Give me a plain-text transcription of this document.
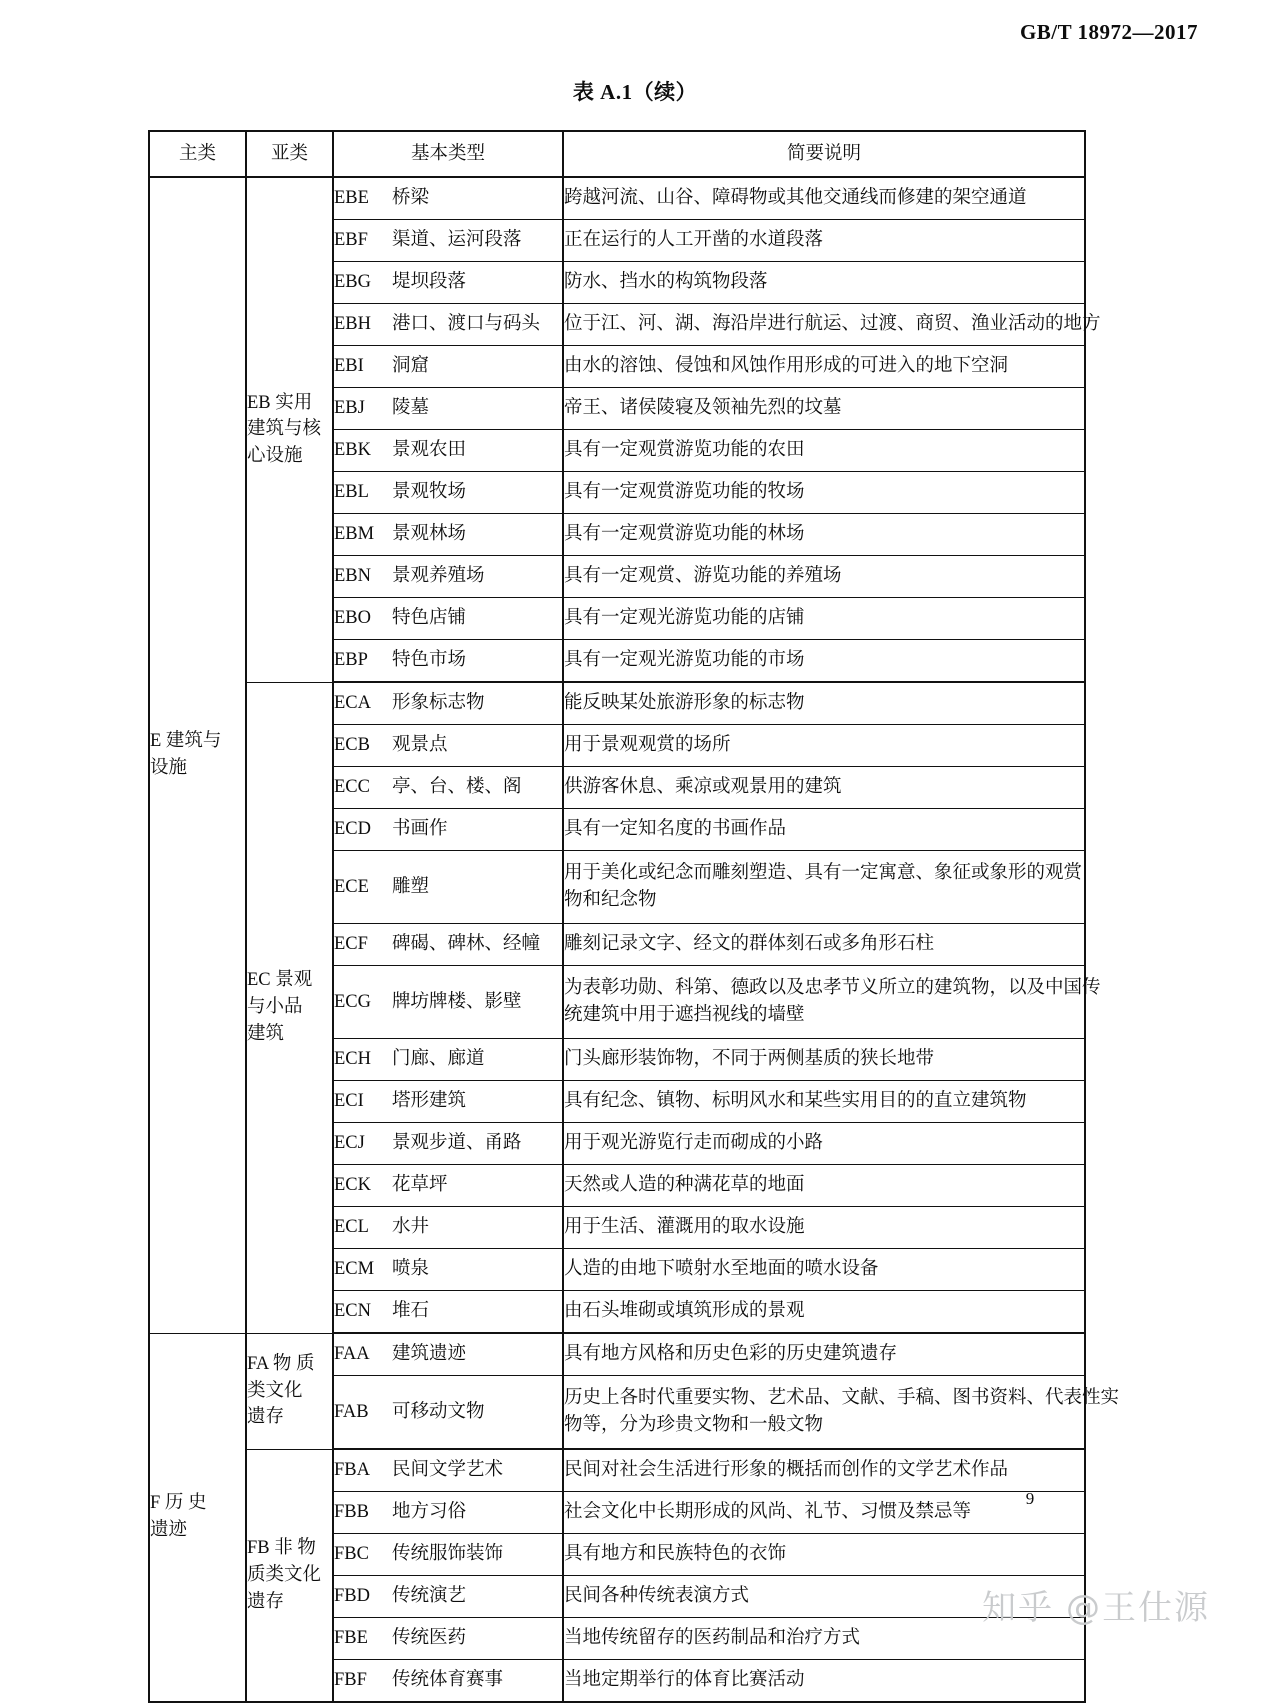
GB/T 18972—2017
表 A.1（续）
主类	亚类	基本类型	简要说明

E 建筑与
设施	EB 实用
建筑与核
心设施	EBE 桥梁	跨越河流、山谷、障碍物或其他交通线而修建的架空通道

		EBF 渠道、运河段落	正在运行的人工开凿的水道段落

		EBG 堤坝段落	防水、挡水的构筑物段落

		EBH 港口、渡口与码头	位于江、河、湖、海沿岸进行航运、过渡、商贸、渔业活动的地方

		EBI 洞窟	由水的溶蚀、侵蚀和风蚀作用形成的可进入的地下空洞

		EBJ 陵墓	帝王、诸侯陵寝及领袖先烈的坟墓

		EBK 景观农田	具有一定观赏游览功能的农田

		EBL 景观牧场	具有一定观赏游览功能的牧场

		EBM 景观林场	具有一定观赏游览功能的林场

		EBN 景观养殖场	具有一定观赏、游览功能的养殖场

		EBO 特色店铺	具有一定观光游览功能的店铺

		EBP 特色市场	具有一定观光游览功能的市场

	EC 景观
与小品
建筑	ECA 形象标志物	能反映某处旅游形象的标志物

		ECB 观景点	用于景观观赏的场所

		ECC 亭、台、楼、阁	供游客休息、乘凉或观景用的建筑

		ECD 书画作	具有一定知名度的书画作品

		ECE 雕塑	用于美化或纪念而雕刻塑造、具有一定寓意、象征或象形的观赏
物和纪念物

		ECF 碑碣、碑林、经幢	雕刻记录文字、经文的群体刻石或多角形石柱

		ECG 牌坊牌楼、影壁	为表彰功勋、科第、德政以及忠孝节义所立的建筑物，以及中国传
统建筑中用于遮挡视线的墙壁

		ECH 门廊、廊道	门头廊形装饰物，不同于两侧基质的狭长地带

		ECI 塔形建筑	具有纪念、镇物、标明风水和某些实用目的的直立建筑物

		ECJ 景观步道、甬路	用于观光游览行走而砌成的小路

		ECK 花草坪	天然或人造的种满花草的地面

		ECL 水井	用于生活、灌溉用的取水设施

		ECM 喷泉	人造的由地下喷射水至地面的喷水设备

		ECN 堆石	由石头堆砌或填筑形成的景观

F 历 史
遗迹	FA 物 质
类文化
遗存	FAA 建筑遗迹	具有地方风格和历史色彩的历史建筑遗存

		FAB 可移动文物	历史上各时代重要实物、艺术品、文献、手稿、图书资料、代表性实
物等，分为珍贵文物和一般文物

	FB 非 物
质类文化
遗存	FBA 民间文学艺术	民间对社会生活进行形象的概括而创作的文学艺术作品

		FBB 地方习俗	社会文化中长期形成的风尚、礼节、习惯及禁忌等

		FBC 传统服饰装饰	具有地方和民族特色的衣饰

		FBD 传统演艺	民间各种传统表演方式

		FBE 传统医药	当地传统留存的医药制品和治疗方式

		FBF 传统体育赛事	当地定期举行的体育比赛活动
9
知乎 @王仕源
